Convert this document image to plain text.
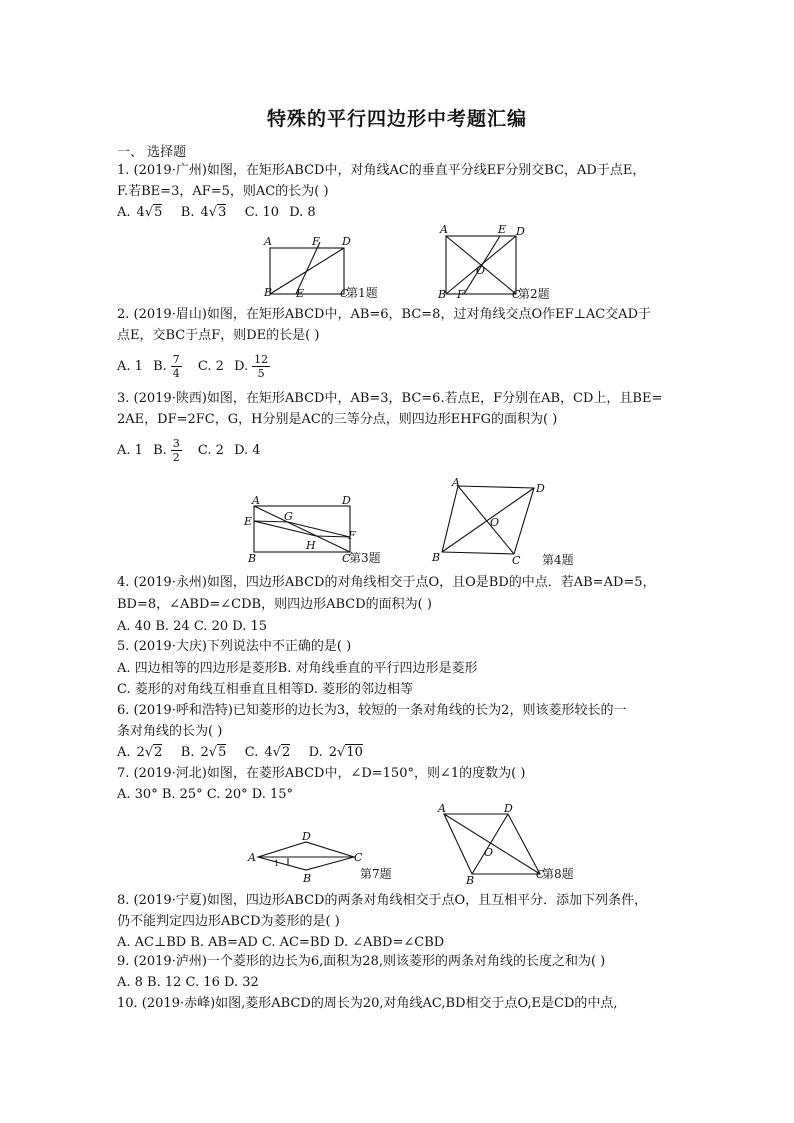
特殊的平行四边形中考题汇编
一、 选择题
1. (2019·广州)如图，在矩形ABCD中，对角线AC的垂直平分线EF分别交BC，AD于点E，
F.若BE=3，AF=5，则AC的长为( )
A. 4√5 B. 4√3 C. 10 D. 8
A	F D
B E	C
第1题
A	E D
O
B F	C
第2题
2. (2019·眉山)如图，在矩形ABCD中，AB=6，BC=8，过对角线交点O作EF⊥AC交AD于
点E，交BC于点F，则DE的长是( )
A. 1 B. $\frac{7}{4} C$. 2 D. $\frac{12}{5}$
3. (2019·陕西)如图，在矩形ABCD中，AB=3，BC=6.若点E，F分别在AB，CD上，且BE=
2AE，DF=2FC，G，H分别是AC的三等分点，则四边形EHFG的面积为( )
A. 1 B. $\frac{3}{2} C$. 2 D. 4
A	D
E	G
F
H
B	C
第3题
A	D
O
B	C 第4题
4. (2019·永州)如图，四边形ABCD的对角线相交于点O，且O是BD的中点．若AB=AD=5，
BD=8，∠ABD=∠CDB，则四边形ABCD的面积为( )
A. 40 B. 24 C. 20 D. 15
5. (2019·大庆)下列说法中不正确的是( )
A. 四边相等的四边形是菱形B. 对角线垂直的平行四边形是菱形
C. 菱形的对角线互相垂直且相等D. 菱形的邻边相等
6. (2019·呼和浩特)已知菱形的边长为3，较短的一条对角线的长为2，则该菱形较长的一
条对角线的长为( )
A. 2√2 B. 2√5 C. 4√2 D. 2√10
7. (2019·河北)如图，在菱形ABCD中，∠D=150°，则∠1的度数为( )
A. 30° B. 25° C. 20° D. 15°
A
D
C
B
1
第7题
A	D
O
B	C
第8题
8. (2019·宁夏)如图，四边形ABCD的两条对角线相交于点O，且互相平分．添加下列条件，
仍不能判定四边形ABCD为菱形的是( )
A. AC⊥BD B. AB=AD C. AC=BD D. ∠ABD=∠CBD
9. (2019·泸州)一个菱形的边长为6,面积为28,则该菱形的两条对角线的长度之和为( )
A. 8 B. 12 C. 16 D. 32
10. (2019·赤峰)如图,菱形ABCD的周长为20,对角线AC,BD相交于点O,E是CD的中点,
